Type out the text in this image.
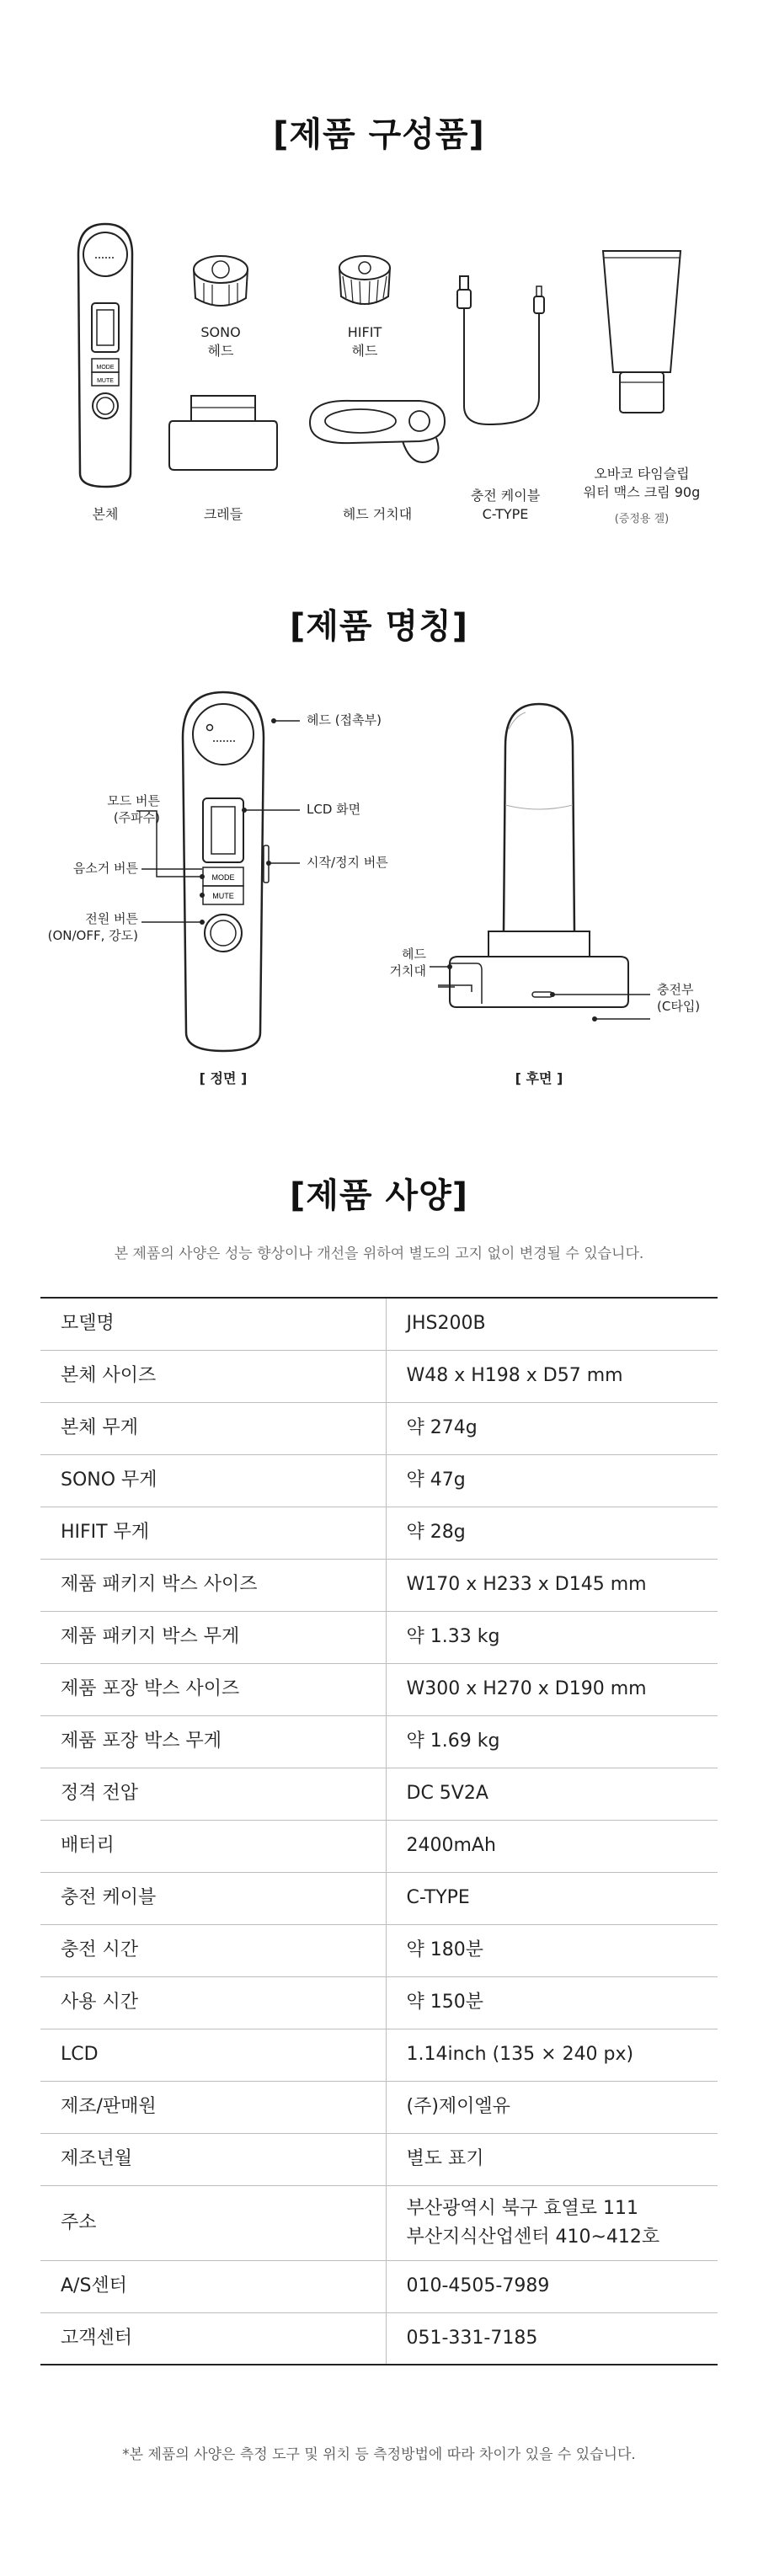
[제품 구성품]
MODE
MUTE
SONO
헤드
HIFIT
헤드
본체	크레들	헤드 거치대
충전 케이블
C-TYPE
오바코 타임슬립
워터 맥스 크림 90g
(증정용 겔)
[제품 명칭]
MODE
MUTE
헤드 (접촉부)
LCD 화면
시작/정지 버튼
모드 버튼
(주파수)
음소거 버튼
전원 버튼
(ON/OFF, 강도)
[ 정면 ]
헤드
거치대
충전부
(C타입)
[ 후면 ]
[제품 사양]
본 제품의 사양은 성능 향상이나 개선을 위하여 별도의 고지 없이 변경될 수 있습니다.
모델명	JHS200B
본체 사이즈	W48 x H198 x D57 mm
본체 무게	약 274g
SONO 무게	약 47g
HIFIT 무게	약 28g
제품 패키지 박스 사이즈	W170 x H233 x D145 mm
제품 패키지 박스 무게	약 1.33 kg
제품 포장 박스 사이즈	W300 x H270 x D190 mm
제품 포장 박스 무게	약 1.69 kg
정격 전압	DC 5V2A
배터리	2400mAh
충전 케이블	C-TYPE
충전 시간	약 180분
사용 시간	약 150분
LCD	1.14inch (135 × 240 px)
제조/판매원	(주)제이엘유
제조년월	별도 표기
주소	부산광역시 북구 효열로 111
부산지식산업센터 410~412호
A/S센터	010-4505-7989
고객센터	051-331-7185
*본 제품의 사양은 측정 도구 및 위치 등 측정방법에 따라 차이가 있을 수 있습니다.
